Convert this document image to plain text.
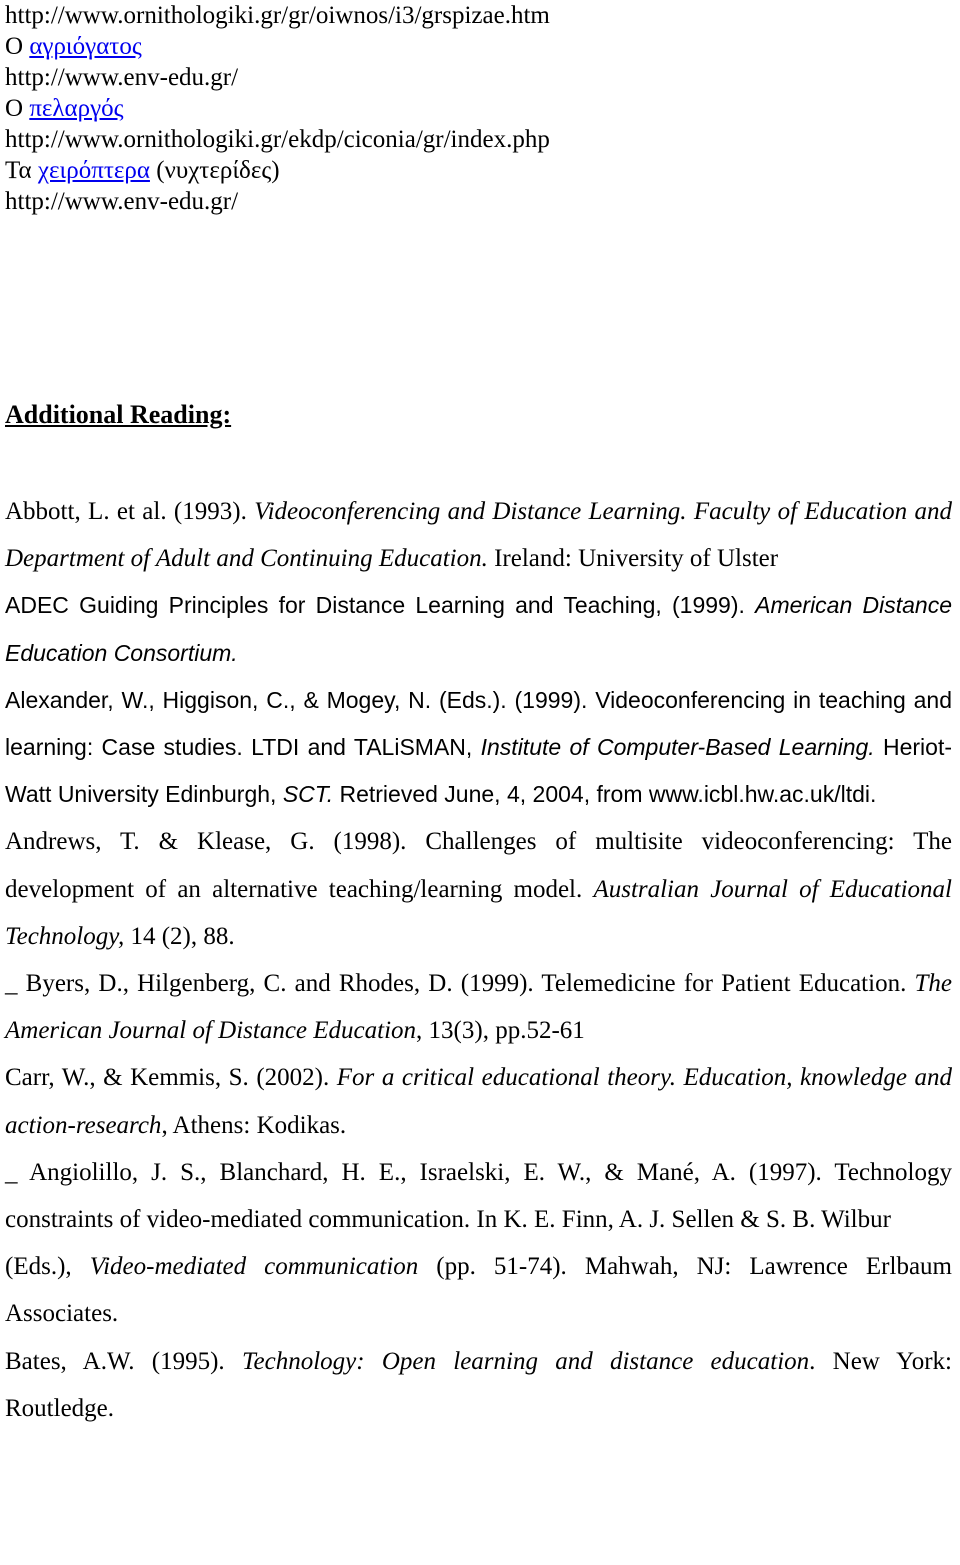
http://www.ornithologiki.gr/gr/oiwnos/i3/grspizae.htm
Ο αγριόγατος
http://www.env-edu.gr/
Ο πελαργός
http://www.ornithologiki.gr/ekdp/ciconia/gr/index.php
Τα χειρόπτερα (νυχτερίδες)
http://www.env-edu.gr/
Additional Reading:

Abbott, L. et al. (1993). Videoconferencing and Distance Learning. Faculty of Education and Department of Adult and Continuing Education. Ireland: University of Ulster

ADEC Guiding Principles for Distance Learning and Teaching, (1999). American Distance Education Consortium.

Alexander, W., Higgison, C., & Mogey, N. (Eds.). (1999). Videoconferencing in teaching and learning: Case studies. LTDI and TALiSMAN, Institute of Computer-Based Learning. Heriot-Watt University Edinburgh, SCT. Retrieved June, 4, 2004, from www.icbl.hw.ac.uk/ltdi.

Andrews, T. & Klease, G. (1998). Challenges of multisite videoconferencing: The development of an alternative teaching/learning model. Australian Journal of Educational Technology, 14 (2), 88.

_ Byers, D., Hilgenberg, C. and Rhodes, D. (1999). Telemedicine for Patient Education. The American Journal of Distance Education, 13(3), pp.52-61

Carr, W., & Kemmis, S. (2002). For a critical educational theory. Education, knowledge and action-research, Athens: Kodikas.

_ Angiolillo, J. S., Blanchard, H. E., Israelski, E. W., & Mané, A. (1997). Technology constraints of video-mediated communication. In K. E. Finn, A. J. Sellen & S. B. Wilbur

(Eds.), Video-mediated communication (pp. 51-74). Mahwah, NJ: Lawrence Erlbaum Associates.

Bates, A.W. (1995). Technology: Open learning and distance education. New York: Routledge.
